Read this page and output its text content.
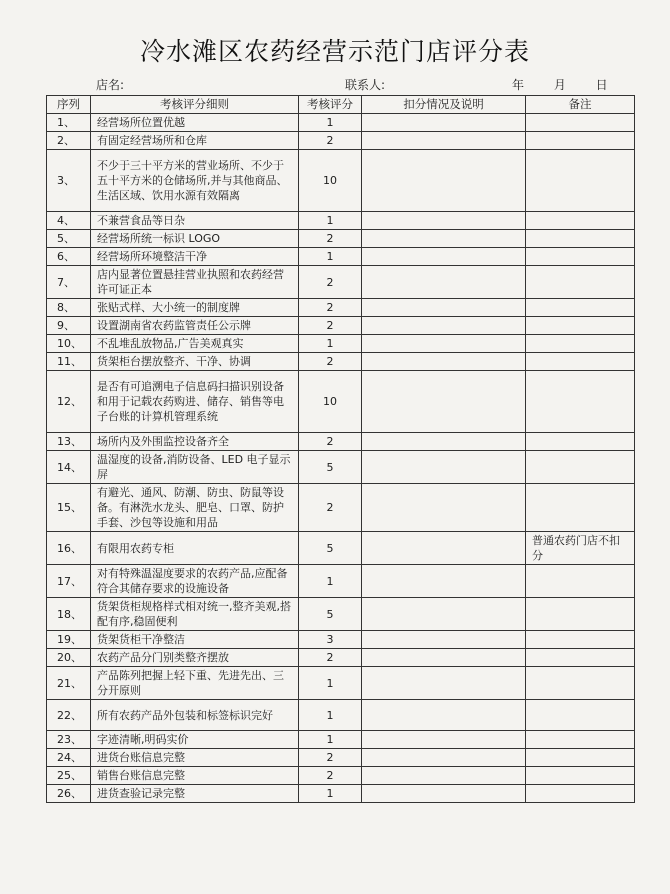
冷水滩区农药经营示范门店评分表
店名:	联系人:	年 月 日
序列	考核评分细则	考核评分	扣分情况及说明	备注
1、	经营场所位置优越	1		
2、	有固定经营场所和仓库	2		
3、	不少于三十平方米的营业场所、不少于五十平方米的仓储场所,并与其他商品、生活区域、饮用水源有效隔离	10		
4、	不兼营食品等日杂	1		
5、	经营场所统一标识 LOGO	2		
6、	经营场所环境整洁干净	1		
7、	店内显著位置悬挂营业执照和农药经营许可证正本	2		
8、	张贴式样、大小统一的制度牌	2		
9、	设置湖南省农药监管责任公示牌	2		
10、	不乱堆乱放物品,广告美观真实	1		
11、	货架柜台摆放整齐、干净、协调	2		
12、	是否有可追溯电子信息码扫描识别设备和用于记载农药购进、储存、销售等电子台账的计算机管理系统	10		
13、	场所内及外围监控设备齐全	2		
14、	温湿度的设备,消防设备、LED 电子显示屏	5		
15、	有避光、通风、防潮、防虫、防鼠等设备。有淋洗水龙头、肥皂、口罩、防护手套、沙包等设施和用品	2		
16、	有限用农药专柜	5		普通农药门店不扣分
17、	对有特殊温湿度要求的农药产品,应配备符合其储存要求的设施设备	1		
18、	货架货柜规格样式相对统一,整齐美观,搭配有序,稳固便利	5		
19、	货架货柜干净整洁	3		
20、	农药产品分门别类整齐摆放	2		
21、	产品陈列把握上轻下重、先进先出、三分开原则	1		
22、	所有农药产品外包装和标签标识完好	1		
23、	字迹清晰,明码实价	1		
24、	进货台账信息完整	2		
25、	销售台账信息完整	2		
26、	进货查验记录完整	1		
